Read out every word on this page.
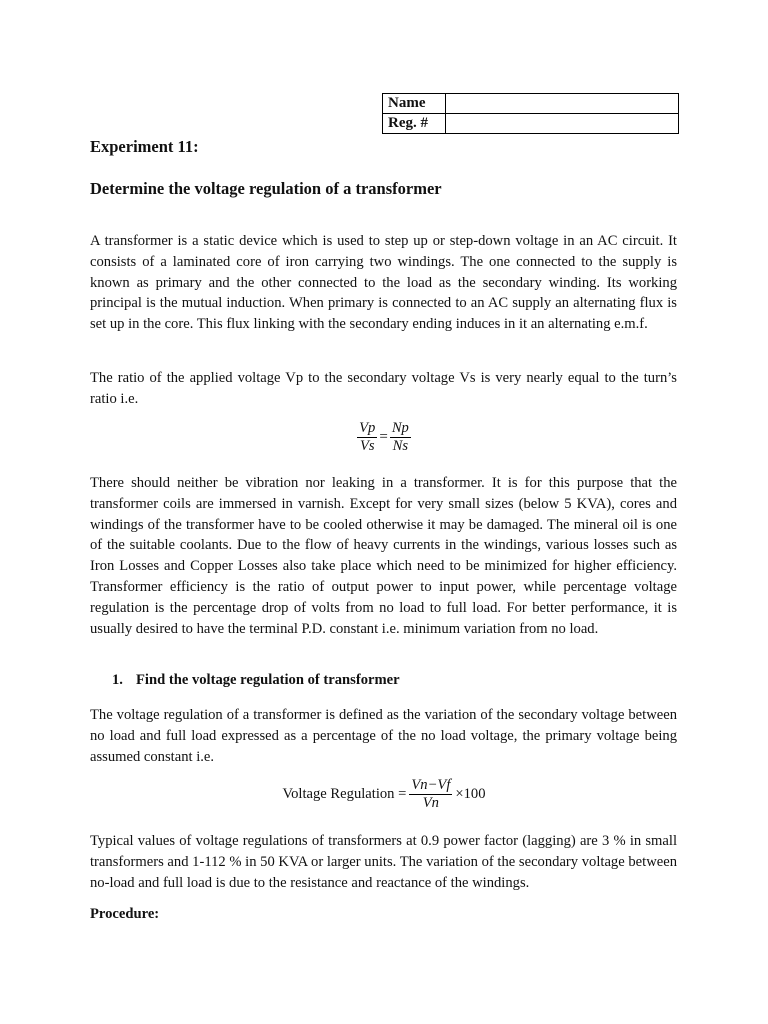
Name	
Reg. #	
Experiment 11:
Determine the voltage regulation of a transformer

A transformer is a static device which is used to step up or step-down voltage in an AC circuit. It consists of a laminated core of iron carrying two windings. The one connected to the supply is known as primary and the other connected to the load as the secondary winding. Its working principal is the mutual induction. When primary is connected to an AC supply an alternating flux is set up in the core. This flux linking with the secondary ending induces in it an alternating e.m.f.

The ratio of the applied voltage Vp to the secondary voltage Vs is very nearly equal to the turn’s ratio i.e.

$\frac{Vp}{Vs} = \frac{Np}{Ns}$

There should neither be vibration nor leaking in a transformer. It is for this purpose that the transformer coils are immersed in varnish. Except for very small sizes (below 5 KVA), cores and windings of the transformer have to be cooled otherwise it may be damaged. The mineral oil is one of the suitable coolants. Due to the flow of heavy currents in the windings, various losses such as Iron Losses and Copper Losses also take place which need to be minimized for higher efficiency. Transformer efficiency is the ratio of output power to input power, while percentage voltage regulation is the percentage drop of volts from no load to full load. For better performance, it is usually desired to have the terminal P.D. constant i.e. minimum variation from no load.

1. Find the voltage regulation of transformer

The voltage regulation of a transformer is defined as the variation of the secondary voltage between no load and full load expressed as a percentage of the no load voltage, the primary voltage being assumed constant i.e.

Voltage Regulation = $\frac{Vn-Vf}{Vn} \times 100$

Typical values of voltage regulations of transformers at 0.9 power factor (lagging) are 3 % in small transformers and 1-112 % in 50 KVA or larger units. The variation of the secondary voltage between no-load and full load is due to the resistance and reactance of the windings.

Procedure:
